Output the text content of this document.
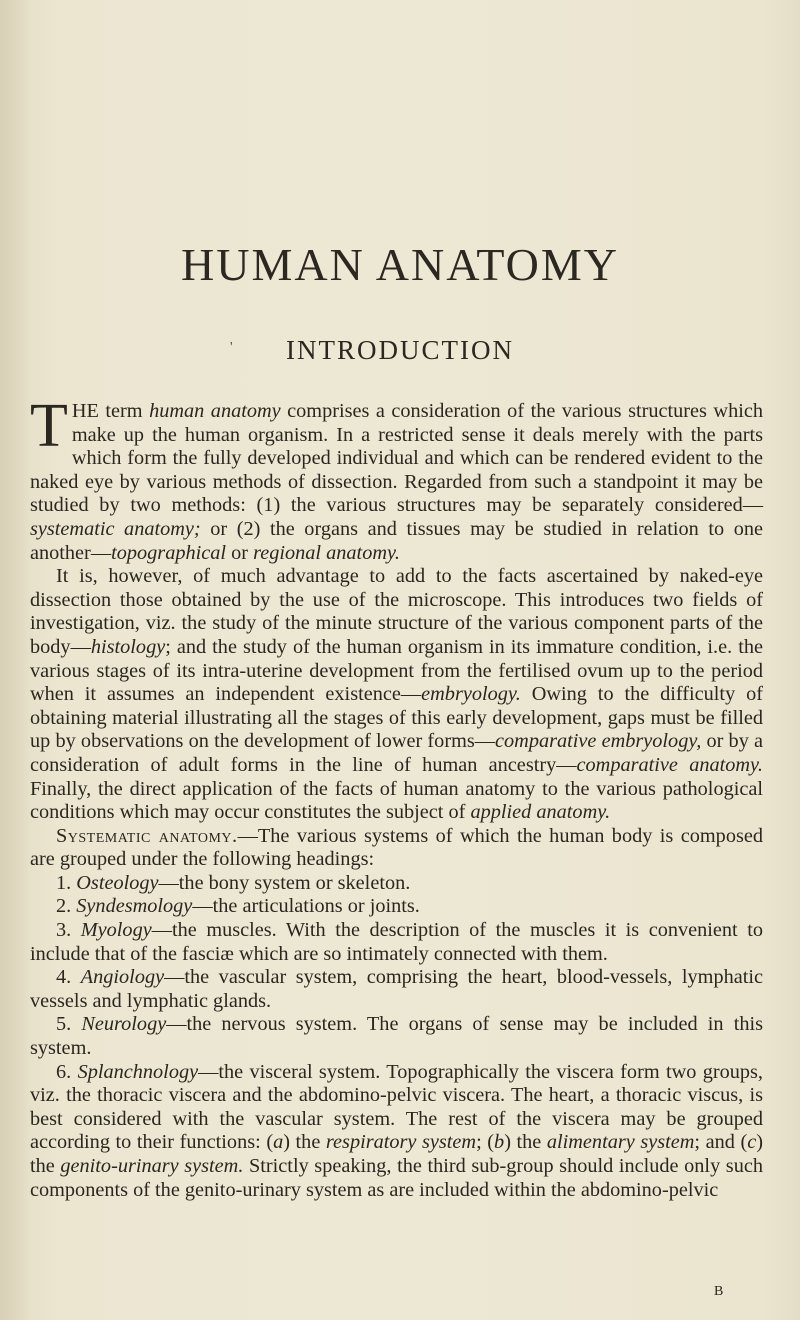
HUMAN ANATOMY
'	INTRODUCTION

THE term human anatomy comprises a consideration of the various structures which make up the human organism. In a restricted sense it deals merely with the parts which form the fully developed individual and which can be rendered evident to the naked eye by various methods of dissection. Regarded from such a standpoint it may be studied by two methods: (1) the various structures may be separately considered—systematic anatomy; or (2) the organs and tissues may be studied in relation to one another—topographical or regional anatomy.

It is, however, of much advantage to add to the facts ascertained by naked-eye dissection those obtained by the use of the microscope. This introduces two fields of investigation, viz. the study of the minute structure of the various component parts of the body—histology; and the study of the human organism in its immature condition, i.e. the various stages of its intra-uterine development from the fertilised ovum up to the period when it assumes an independent existence—embryology. Owing to the difficulty of obtaining material illustrating all the stages of this early development, gaps must be filled up by observations on the development of lower forms—comparative embryology, or by a consideration of adult forms in the line of human ancestry—comparative anatomy. Finally, the direct application of the facts of human anatomy to the various pathological conditions which may occur constitutes the subject of applied anatomy.

Systematic anatomy.—The various systems of which the human body is composed are grouped under the following headings:

1. Osteology—the bony system or skeleton.

2. Syndesmology—the articulations or joints.

3. Myology—the muscles. With the description of the muscles it is convenient to include that of the fasciæ which are so intimately connected with them.

4. Angiology—the vascular system, comprising the heart, blood-vessels, lymphatic vessels and lymphatic glands.

5. Neurology—the nervous system. The organs of sense may be included in this system.

6. Splanchnology—the visceral system. Topographically the viscera form two groups, viz. the thoracic viscera and the abdomino-pelvic viscera. The heart, a thoracic viscus, is best considered with the vascular system. The rest of the viscera may be grouped according to their functions: (a) the respiratory system; (b) the alimentary system; and (c) the genito-urinary system. Strictly speaking, the third sub-group should include only such components of the genito-urinary system as are included within the abdomino-pelvic

B
